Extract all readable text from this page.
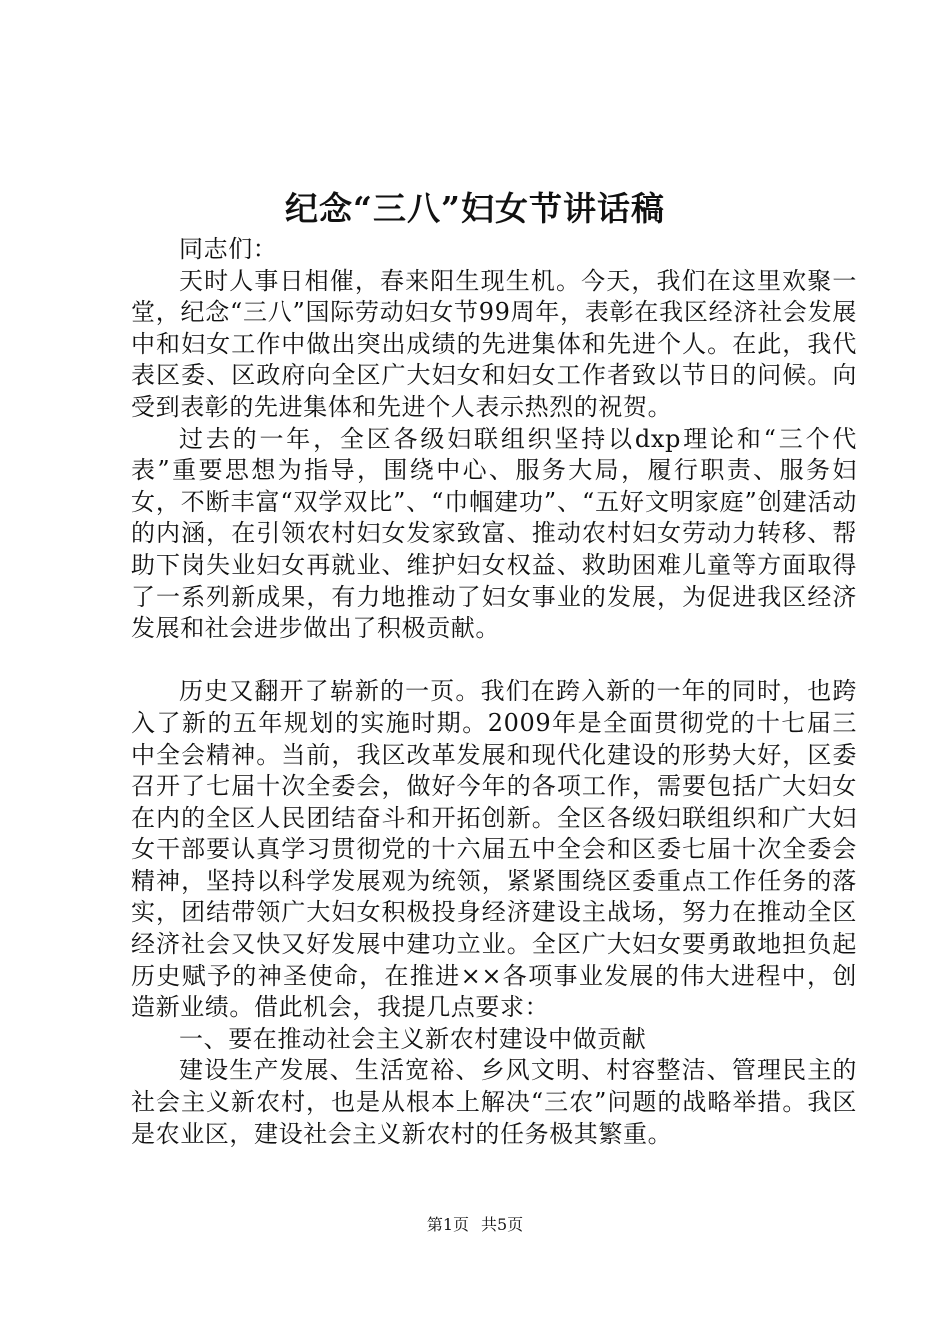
纪念“三八”妇女节讲话稿

同志们：

天时人事日相催，春来阳生现生机。今天，我们在这里欢聚一堂，纪念“三八”国际劳动妇女节99周年，表彰在我区经济社会发展中和妇女工作中做出突出成绩的先进集体和先进个人。在此，我代表区委、区政府向全区广大妇女和妇女工作者致以节日的问候。向受到表彰的先进集体和先进个人表示热烈的祝贺。

过去的一年，全区各级妇联组织坚持以dxp理论和“三个代表”重要思想为指导，围绕中心、服务大局，履行职责、服务妇女，不断丰富“双学双比”、“巾帼建功”、“五好文明家庭”创建活动的内涵，在引领农村妇女发家致富、推动农村妇女劳动力转移、帮助下岗失业妇女再就业、维护妇女权益、救助困难儿童等方面取得了一系列新成果，有力地推动了妇女事业的发展，为促进我区经济发展和社会进步做出了积极贡献。

历史又翻开了崭新的一页。我们在跨入新的一年的同时，也跨入了新的五年规划的实施时期。2009年是全面贯彻党的十七届三中全会精神。当前，我区改革发展和现代化建设的形势大好，区委召开了七届十次全委会，做好今年的各项工作，需要包括广大妇女在内的全区人民团结奋斗和开拓创新。全区各级妇联组织和广大妇女干部要认真学习贯彻党的十六届五中全会和区委七届十次全委会精神，坚持以科学发展观为统领，紧紧围绕区委重点工作任务的落实，团结带领广大妇女积极投身经济建设主战场，努力在推动全区经济社会又快又好发展中建功立业。全区广大妇女要勇敢地担负起历史赋予的神圣使命，在推进××各项事业发展的伟大进程中，创造新业绩。借此机会，我提几点要求：

一、要在推动社会主义新农村建设中做贡献

建设生产发展、生活宽裕、乡风文明、村容整洁、管理民主的社会主义新农村，也是从根本上解决“三农”问题的战略举措。我区是农业区，建设社会主义新农村的任务极其繁重。

第1页 共5页
